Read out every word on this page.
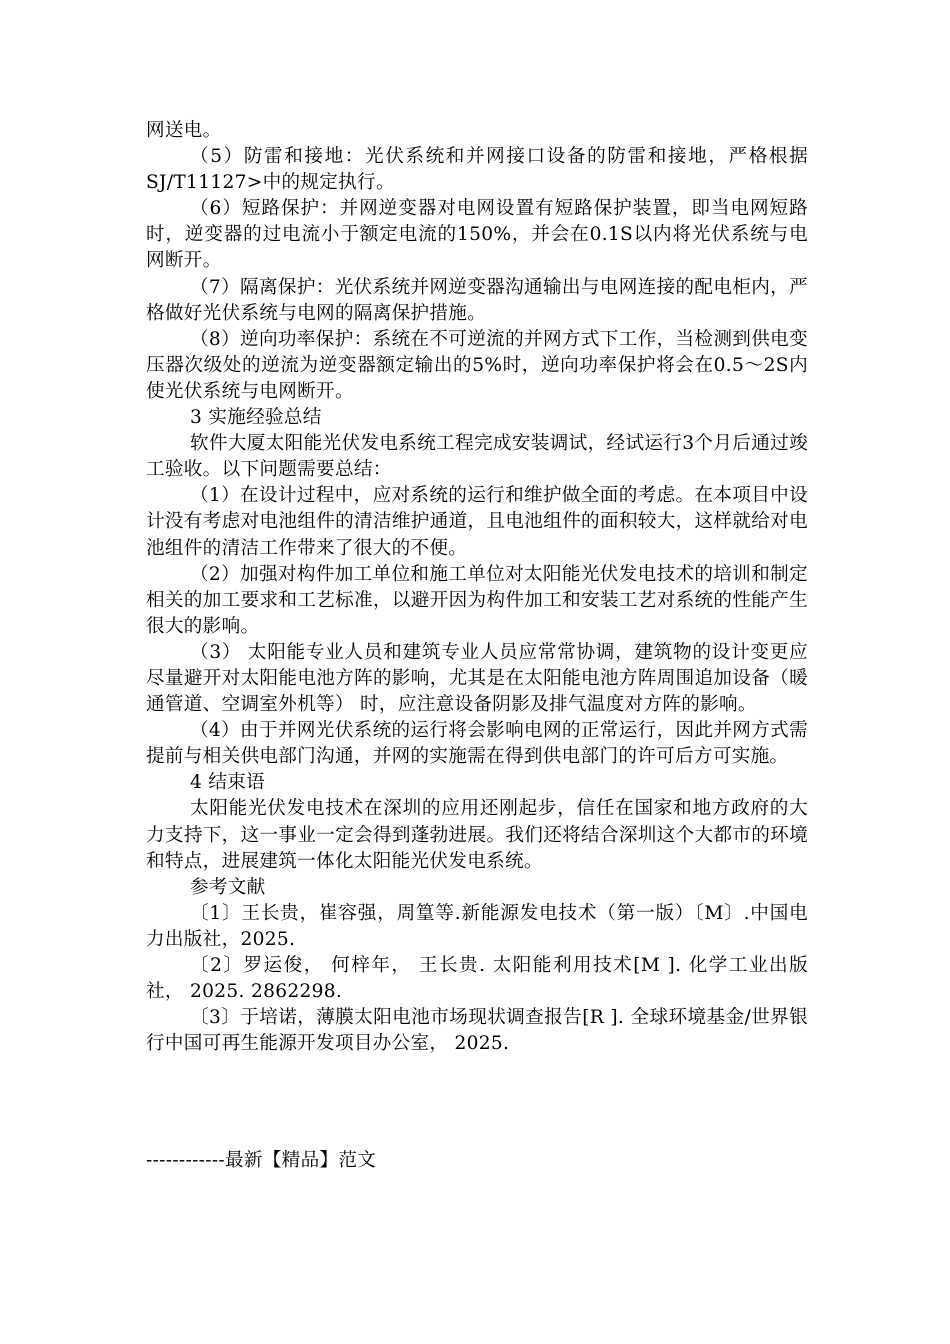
网送电。

（5）防雷和接地：光伏系统和并网接口设备的防雷和接地，严格根据SJ/T11127>中的规定执行。

（6）短路保护：并网逆变器对电网设置有短路保护装置，即当电网短路时，逆变器的过电流小于额定电流的150%，并会在0.1S以内将光伏系统与电网断开。

（7）隔离保护：光伏系统并网逆变器沟通输出与电网连接的配电柜内，严格做好光伏系统与电网的隔离保护措施。

（8）逆向功率保护：系统在不可逆流的并网方式下工作，当检测到供电变压器次级处的逆流为逆变器额定输出的5%时，逆向功率保护将会在0.5～2S内使光伏系统与电网断开。

3 实施经验总结

软件大厦太阳能光伏发电系统工程完成安装调试，经试运行3个月后通过竣工验收。以下问题需要总结：

（1）在设计过程中，应对系统的运行和维护做全面的考虑。在本项目中设计没有考虑对电池组件的清洁维护通道，且电池组件的面积较大，这样就给对电池组件的清洁工作带来了很大的不便。

（2）加强对构件加工单位和施工单位对太阳能光伏发电技术的培训和制定相关的加工要求和工艺标准，以避开因为构件加工和安装工艺对系统的性能产生很大的影响。

（3） 太阳能专业人员和建筑专业人员应常常协调，建筑物的设计变更应尽量避开对太阳能电池方阵的影响，尤其是在太阳能电池方阵周围追加设备（暖通管道、空调室外机等） 时，应注意设备阴影及排气温度对方阵的影响。

（4）由于并网光伏系统的运行将会影响电网的正常运行，因此并网方式需提前与相关供电部门沟通，并网的实施需在得到供电部门的许可后方可实施。

4 结束语

太阳能光伏发电技术在深圳的应用还刚起步，信任在国家和地方政府的大力支持下，这一事业一定会得到蓬勃进展。我们还将结合深圳这个大都市的环境和特点，进展建筑一体化太阳能光伏发电系统。

参考文献

〔1〕王长贵，崔容强，周篁等.新能源发电技术（第一版）〔M〕.中国电力出版社，2025.

〔2〕罗运俊， 何梓年， 王长贵. 太阳能利用技术[M ]. 化学工业出版社， 2025. 2862298.

〔3〕于培诺，薄膜太阳电池市场现状调查报告[R ]. 全球环境基金/世界银行中国可再生能源开发项目办公室， 2025.

------------最新【精品】范文
